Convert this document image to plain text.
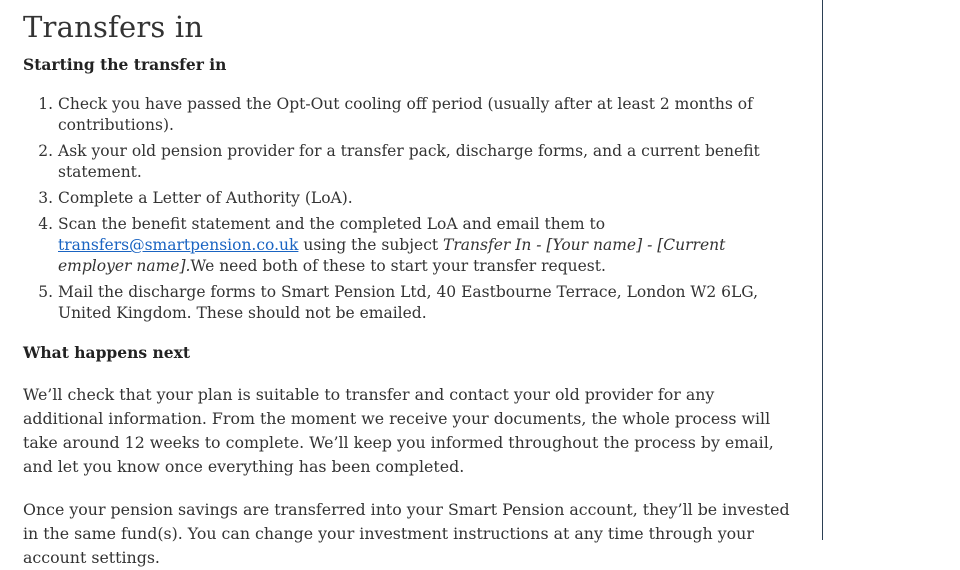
Transfers in
Starting the transfer in
1. Check you have passed the Opt-Out cooling off period (usually after at least 2 months of contributions).
2. Ask your old pension provider for a transfer pack, discharge forms, and a current benefit statement.
3. Complete a Letter of Authority (LoA).
4. Scan the benefit statement and the completed LoA and email them to transfers@smartpension.co.uk using the subject Transfer In - [Your name] - [Current employer name].We need both of these to start your transfer request.
5. Mail the discharge forms to Smart Pension Ltd, 40 Eastbourne Terrace, London W2 6LG, United Kingdom. These should not be emailed.
What happens next

We’ll check that your plan is suitable to transfer and contact your old provider for any additional information. From the moment we receive your documents, the whole process will take around 12 weeks to complete. We’ll keep you informed throughout the process by email, and let you know once everything has been completed.

Once your pension savings are transferred into your Smart Pension account, they’ll be invested in the same fund(s). You can change your investment instructions at any time through your account settings.
